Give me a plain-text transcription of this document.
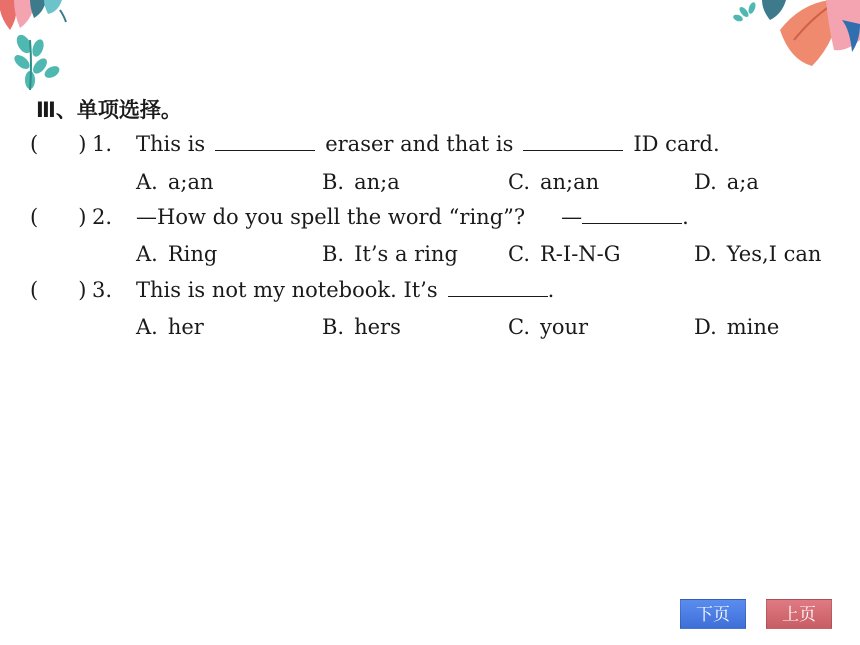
Ⅲ、单项选择。
(      ) 1.	This is	eraser and that is	ID card.
A. a;an	B. an;a	C. an;an	D. a;a
(      ) 2.	—How do you spell the word “ring”? —	.
A. Ring	B. It’s a ring C. R-I-N-G	D. Yes,I can
(      ) 3.	This is not my notebook. It’s	.
A. her	B. hers	C. your	D. mine
下页	上页
